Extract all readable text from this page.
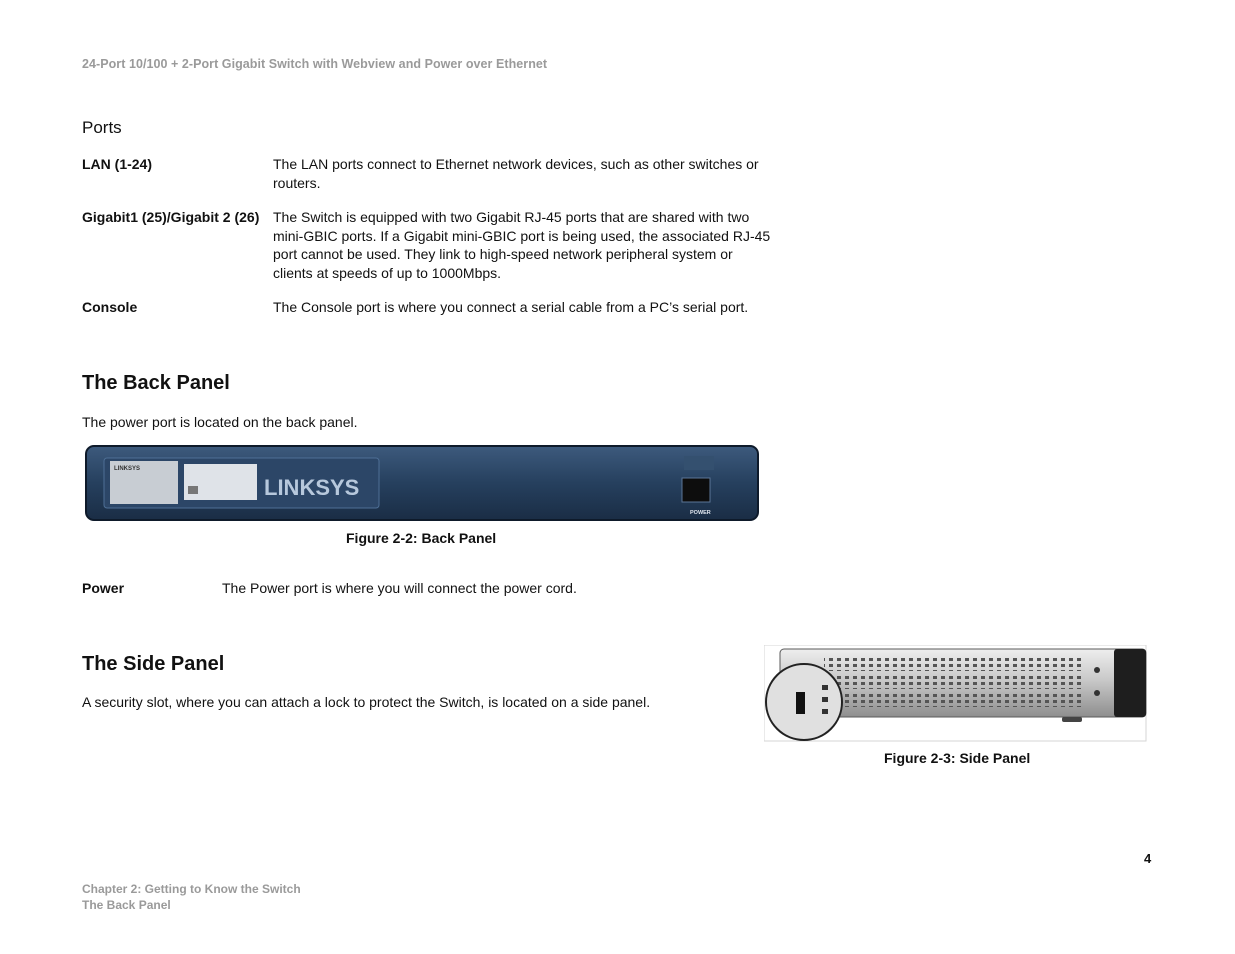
24-Port 10/100 + 2-Port Gigabit Switch with Webview and Power over Ethernet
Ports
LAN (1-24)	The LAN ports connect to Ethernet network devices, such as other switches or
routers.
Gigabit1 (25)/Gigabit 2 (26) The Switch is equipped with two Gigabit RJ-45 ports that are shared with two
mini-GBIC ports. If a Gigabit mini-GBIC port is being used, the associated RJ-45
port cannot be used. They link to high-speed network peripheral system or
clients at speeds of up to 1000Mbps.
Console	The Console port is where you connect a serial cable from a PC’s serial port.
The Back Panel
The power port is located on the back panel.
LINKSYS
LINKSYS
POWER
Figure 2-2: Back Panel
Power	The Power port is where you will connect the power cord.
The Side Panel
A security slot, where you can attach a lock to protect the Switch, is located on a side panel.
Figure 2-3: Side Panel
4
Chapter 2: Getting to Know the Switch
The Back Panel
